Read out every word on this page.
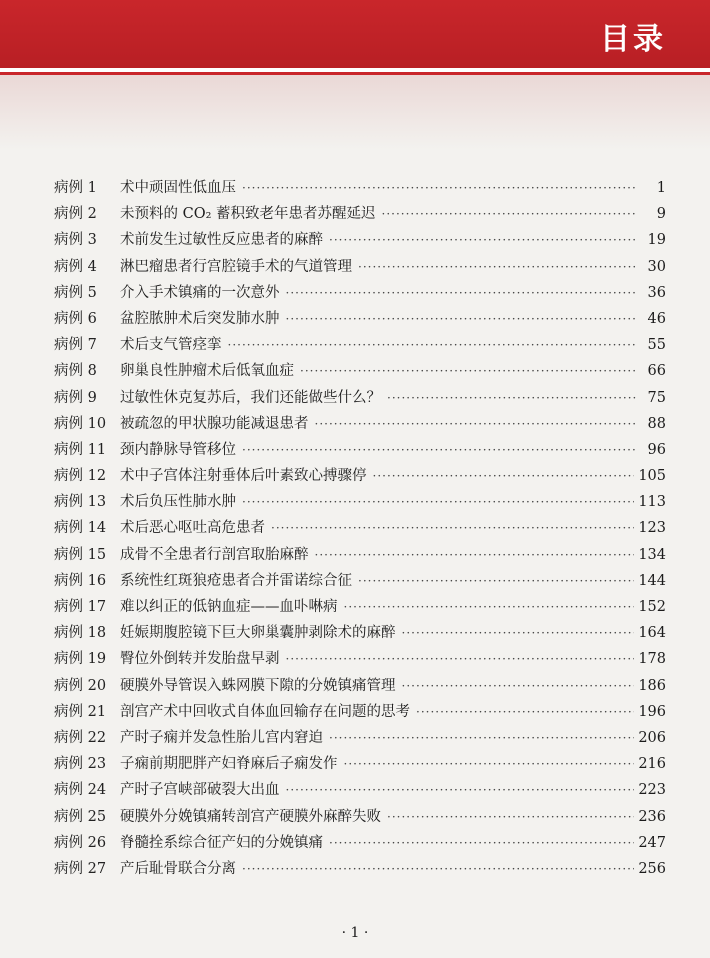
目录
病例 1	术中顽固性低血压 ·····	1
病例 2	未预料的 CO₂ 蓄积致老年患者苏醒延迟 ·····	9
病例 3	术前发生过敏性反应患者的麻醉 ·····	19
病例 4	淋巴瘤患者行宫腔镜手术的气道管理 ·····	30
病例 5	介入手术镇痛的一次意外 ·····	36
病例 6	盆腔脓肿术后突发肺水肿 ·····	46
病例 7	术后支气管痉挛 ·····	55
病例 8	卵巢良性肿瘤术后低氧血症 ·····	66
病例 9	过敏性休克复苏后，我们还能做些什么？ ·····	75
病例 10 被疏忽的甲状腺功能减退患者 ·····	88
病例 11 颈内静脉导管移位 ·····	96
病例 12 术中子宫体注射垂体后叶素致心搏骤停 ·····	105
病例 13 术后负压性肺水肿 ·····	113
病例 14 术后恶心呕吐高危患者 ·····	123
病例 15 成骨不全患者行剖宫取胎麻醉 ·····	134
病例 16 系统性红斑狼疮患者合并雷诺综合征 ·····	144
病例 17 难以纠正的低钠血症——血卟啉病 ·····	152
病例 18 妊娠期腹腔镜下巨大卵巢囊肿剥除术的麻醉 ·····	164
病例 19 臀位外倒转并发胎盘早剥 ·····	178
病例 20 硬膜外导管误入蛛网膜下隙的分娩镇痛管理 ·····	186
病例 21 剖宫产术中回收式自体血回输存在问题的思考 ·····	196
病例 22 产时子痫并发急性胎儿宫内窘迫 ·····	206
病例 23 子痫前期肥胖产妇脊麻后子痫发作 ·····	216
病例 24 产时子宫峡部破裂大出血 ·····	223
病例 25 硬膜外分娩镇痛转剖宫产硬膜外麻醉失败 ·····	236
病例 26 脊髓拴系综合征产妇的分娩镇痛 ·····	247
病例 27 产后耻骨联合分离 ·····	256
· 1 ·
